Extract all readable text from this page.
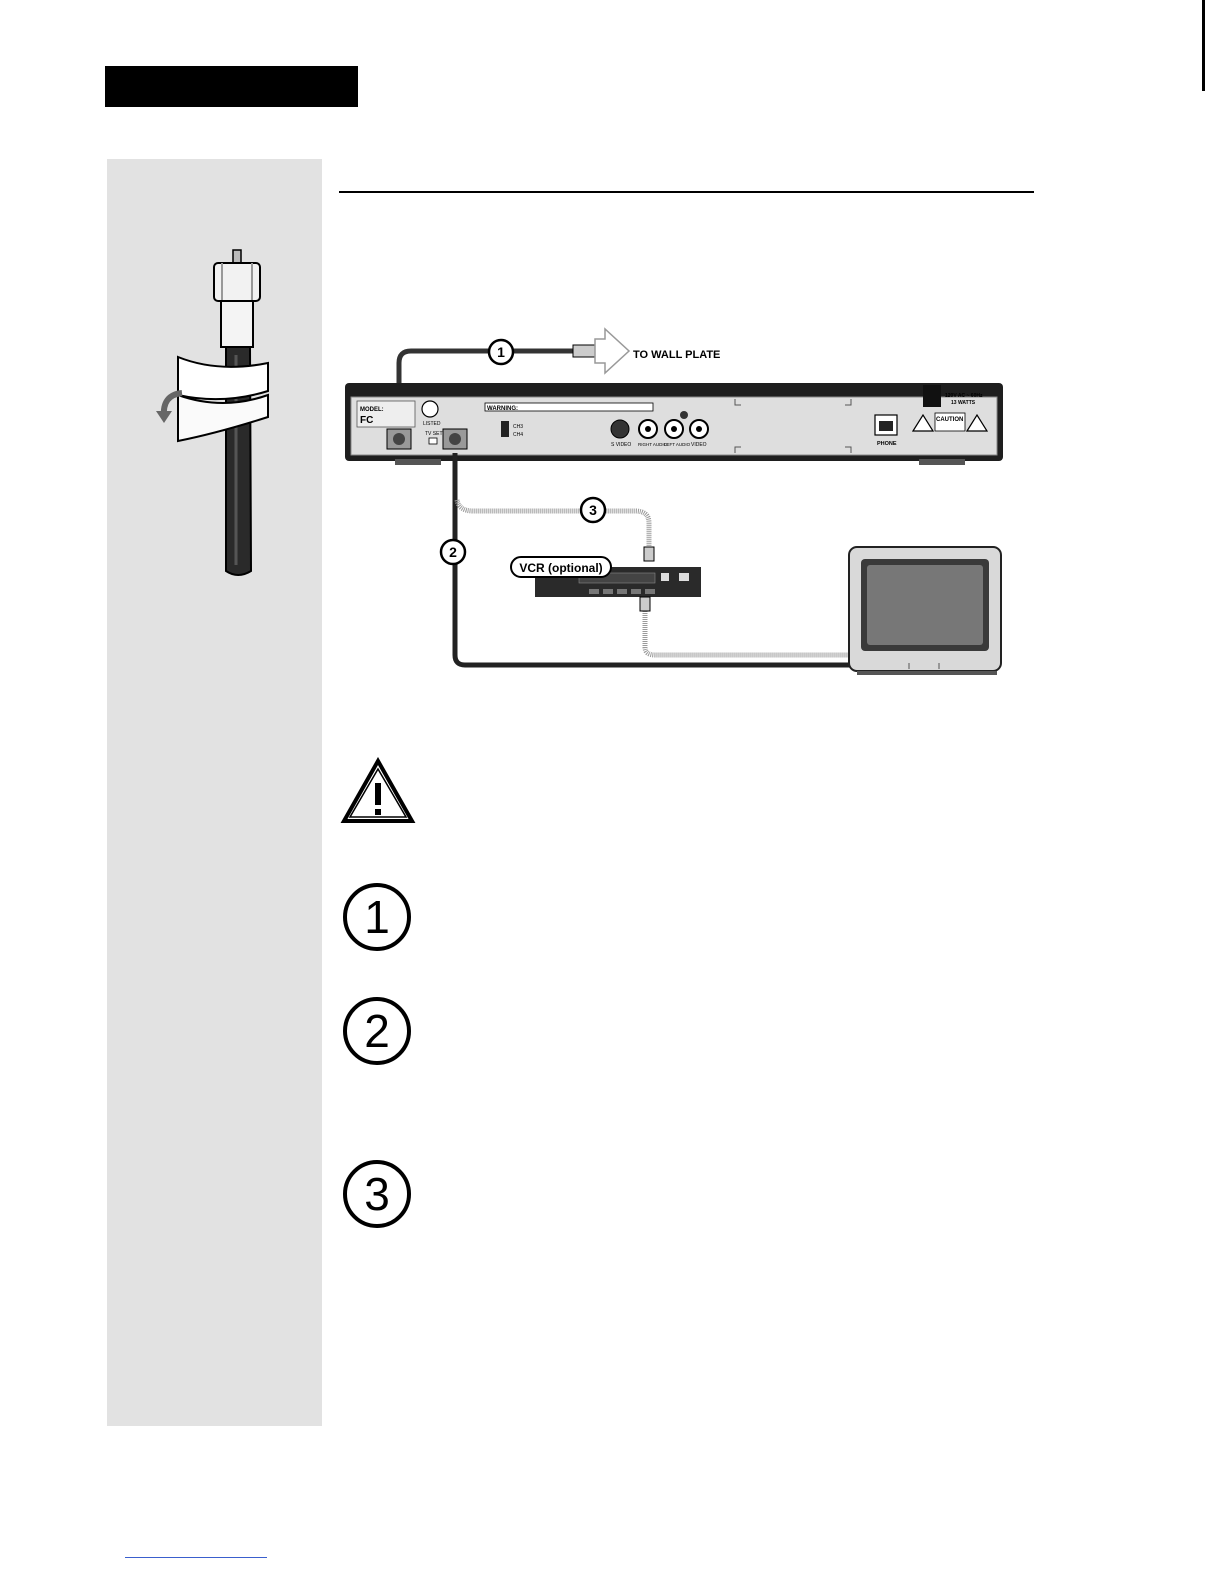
TO WALL PLATE
1
MODEL:
FC	LISTED
TV SET
WARNING:
CH3
CH4
S VIDEO RIGHT AUDIO
LEFT AUDIO VIDEO	PHONE
CAUTION
120V AC ~ 60Hz
13 WATTS
2
3
VCR (optional)
1
2
3
